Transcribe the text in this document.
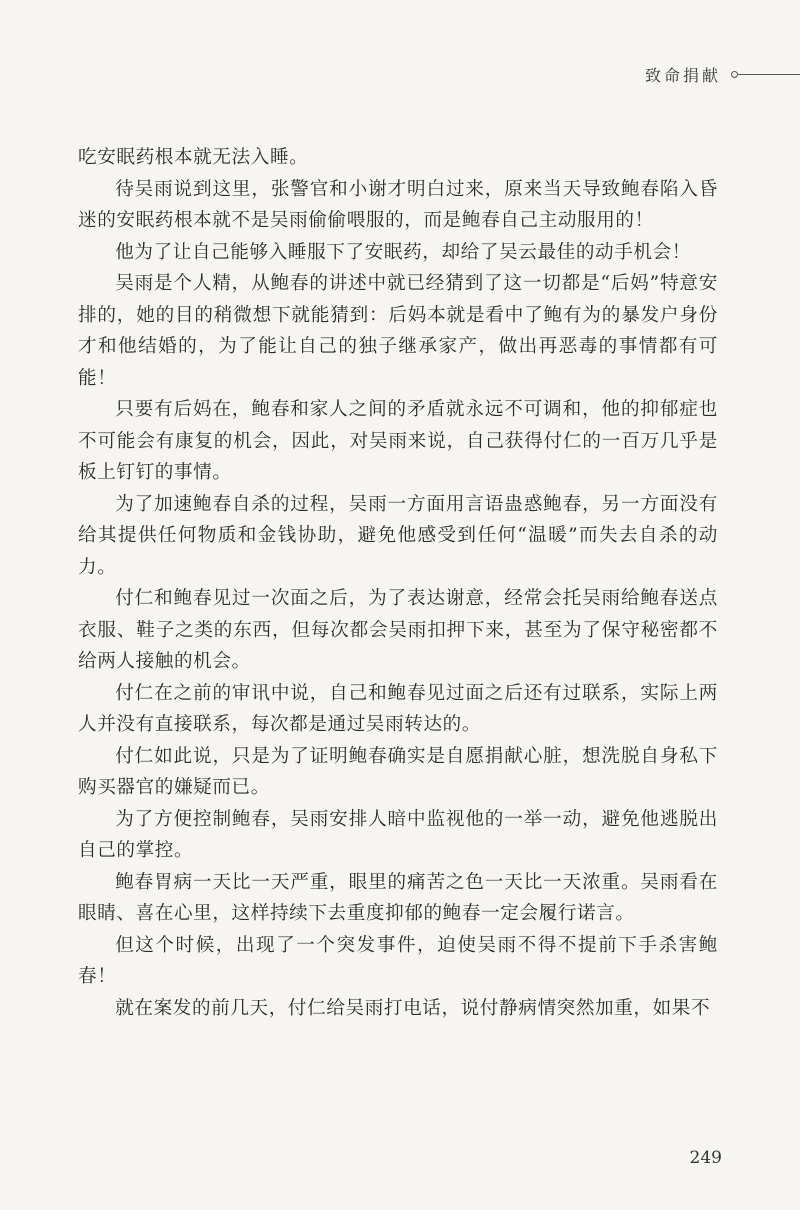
致命捐献

吃安眠药根本就无法入睡。

待吴雨说到这里，张警官和小谢才明白过来，原来当天导致鲍春陷入昏迷的安眠药根本就不是吴雨偷偷喂服的，而是鲍春自己主动服用的！

他为了让自己能够入睡服下了安眠药，却给了吴云最佳的动手机会！

吴雨是个人精，从鲍春的讲述中就已经猜到了这一切都是“后妈”特意安排的，她的目的稍微想下就能猜到：后妈本就是看中了鲍有为的暴发户身份才和他结婚的，为了能让自己的独子继承家产，做出再恶毒的事情都有可能！

只要有后妈在，鲍春和家人之间的矛盾就永远不可调和，他的抑郁症也不可能会有康复的机会，因此，对吴雨来说，自己获得付仁的一百万几乎是板上钉钉的事情。

为了加速鲍春自杀的过程，吴雨一方面用言语蛊惑鲍春，另一方面没有给其提供任何物质和金钱协助，避免他感受到任何“温暖”而失去自杀的动力。

付仁和鲍春见过一次面之后，为了表达谢意，经常会托吴雨给鲍春送点衣服、鞋子之类的东西，但每次都会吴雨扣押下来，甚至为了保守秘密都不给两人接触的机会。

付仁在之前的审讯中说，自己和鲍春见过面之后还有过联系，实际上两人并没有直接联系，每次都是通过吴雨转达的。

付仁如此说，只是为了证明鲍春确实是自愿捐献心脏，想洗脱自身私下购买器官的嫌疑而已。

为了方便控制鲍春，吴雨安排人暗中监视他的一举一动，避免他逃脱出自己的掌控。

鲍春胃病一天比一天严重，眼里的痛苦之色一天比一天浓重。吴雨看在眼睛、喜在心里，这样持续下去重度抑郁的鲍春一定会履行诺言。

但这个时候，出现了一个突发事件，迫使吴雨不得不提前下手杀害鲍春！

就在案发的前几天，付仁给吴雨打电话，说付静病情突然加重，如果不

249
